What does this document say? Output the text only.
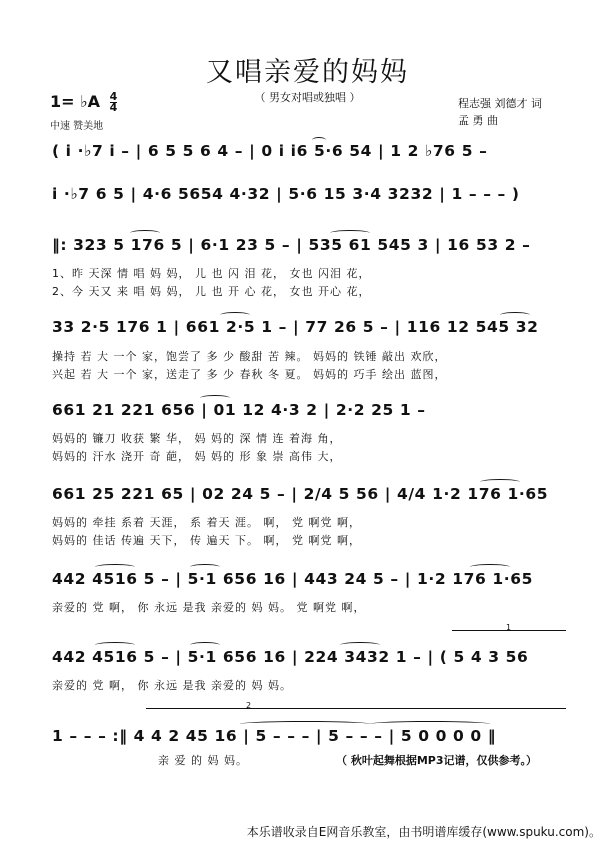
又唱亲爱的妈妈
（ 男女对唱或独唱 ）
1= ♭A $\frac{4}{4}$
中速 赞美地
程志强 刘德才 词
孟 勇 曲
( i ·♭7 i – | 6 5 5 6 4 – | 0 i i6 5·6 54 | 1 2 ♭76 5 –
i ·♭7 6 5 | 4·6 5654 4·32 | 5·6 15 3·4 3232 | 1 – – – )
‖: 323 5 176 5 | 6·1 23 5 – | 535 61 545 3 | 16 53 2 –
1、昨 天深 情 唱 妈 妈， 儿 也 闪 泪 花， 女也 闪泪 花，
2、今 天又 来 唱 妈 妈， 儿 也 开 心 花， 女也 开心 花，
33 2·5 176 1 | 661 2·5 1 – | 77 26 5 – | 116 12 545 32
操持 若 大 一个 家，饱尝了 多 少 酸甜 苦 辣。 妈妈的 铁锤 敲出 欢欣，
兴起 若 大 一个 家，送走了 多 少 春秋 冬 夏。 妈妈的 巧手 绘出 蓝图，
661 21 221 656 | 01 12 4·3 2 | 2·2 25 1 –
妈妈的 镰刀 收获 繁 华， 妈 妈的 深 情 连 着海 角，
妈妈的 汗水 浇开 奇 葩， 妈 妈的 形 象 崇 高伟 大，
661 25 221 65 | 02 24 5 – | 2/4 5 56 | 4/4 1·2 176 1·65
妈妈的 牵挂 系着 天涯， 系 着天 涯。 啊， 党 啊党 啊，
妈妈的 佳话 传遍 天下， 传 遍天 下。 啊， 党 啊党 啊，
442 4516 5 – | 5·1 656 16 | 443 24 5 – | 1·2 176 1·65
亲爱的 党 啊， 你 永远 是我 亲爱的 妈 妈。 党 啊党 啊，
1
442 4516 5 – | 5·1 656 16 | 224 3432 1 – | ( 5 4 3 56
亲爱的 党 啊， 你 永远 是我 亲爱的 妈 妈。
2
1 – – – :‖ 4 4 2 45 16 | 5 – – – | 5 – – – | 5 0 0 0 0 ‖
亲 爱 的 妈 妈。	（ 秋叶起舞根据MP3记谱，仅供参考。）
本乐谱收录自E网音乐教室，由书明谱库缓存(www.spuku.com)。
